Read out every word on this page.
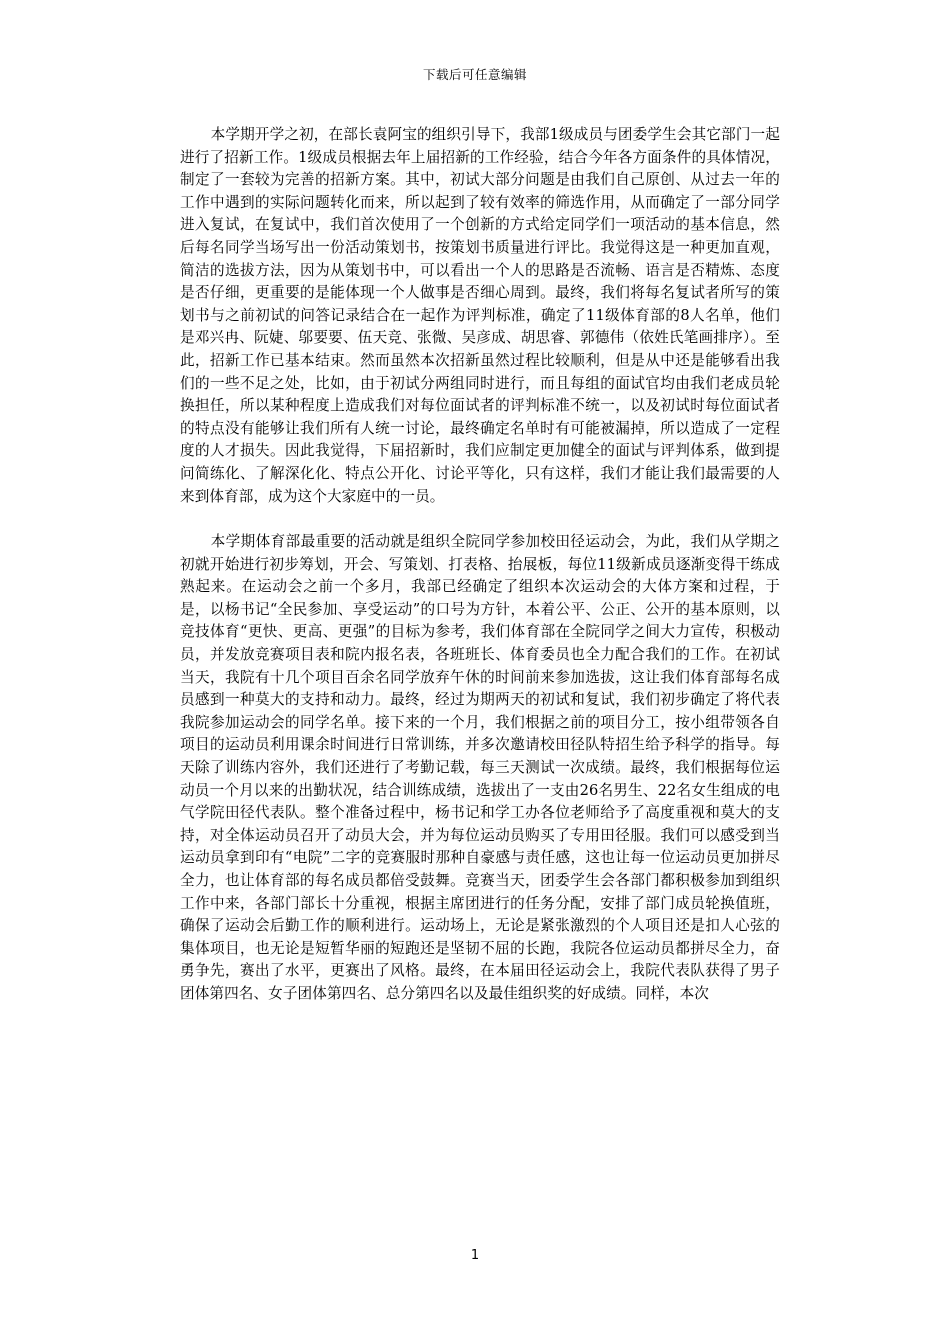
下载后可任意编辑

本学期开学之初，在部长袁阿宝的组织引导下，我部1级成员与团委学生会其它部门一起进行了招新工作。1级成员根据去年上届招新的工作经验，结合今年各方面条件的具体情况，制定了一套较为完善的招新方案。其中，初试大部分问题是由我们自己原创、从过去一年的工作中遇到的实际问题转化而来，所以起到了较有效率的筛选作用，从而确定了一部分同学进入复试，在复试中，我们首次使用了一个创新的方式给定同学们一项活动的基本信息，然后每名同学当场写出一份活动策划书，按策划书质量进行评比。我觉得这是一种更加直观，简洁的选拔方法，因为从策划书中，可以看出一个人的思路是否流畅、语言是否精炼、态度是否仔细，更重要的是能体现一个人做事是否细心周到。最终，我们将每名复试者所写的策划书与之前初试的问答记录结合在一起作为评判标准，确定了11级体育部的8人名单，他们是邓兴冉、阮婕、邬要要、伍天竞、张微、吴彦成、胡思睿、郭德伟（依姓氏笔画排序）。至此，招新工作已基本结束。然而虽然本次招新虽然过程比较顺利，但是从中还是能够看出我们的一些不足之处，比如，由于初试分两组同时进行，而且每组的面试官均由我们老成员轮换担任，所以某种程度上造成我们对每位面试者的评判标准不统一，以及初试时每位面试者的特点没有能够让我们所有人统一讨论，最终确定名单时有可能被漏掉，所以造成了一定程度的人才损失。因此我觉得，下届招新时，我们应制定更加健全的面试与评判体系，做到提问简练化、了解深化化、特点公开化、讨论平等化，只有这样，我们才能让我们最需要的人来到体育部，成为这个大家庭中的一员。

本学期体育部最重要的活动就是组织全院同学参加校田径运动会，为此，我们从学期之初就开始进行初步筹划，开会、写策划、打表格、抬展板，每位11级新成员逐渐变得干练成熟起来。在运动会之前一个多月，我部已经确定了组织本次运动会的大体方案和过程，于是，以杨书记“全民参加、享受运动”的口号为方针，本着公平、公正、公开的基本原则，以竞技体育“更快、更高、更强”的目标为参考，我们体育部在全院同学之间大力宣传，积极动员，并发放竞赛项目表和院内报名表，各班班长、体育委员也全力配合我们的工作。在初试当天，我院有十几个项目百余名同学放弃午休的时间前来参加选拔，这让我们体育部每名成员感到一种莫大的支持和动力。最终，经过为期两天的初试和复试，我们初步确定了将代表我院参加运动会的同学名单。接下来的一个月，我们根据之前的项目分工，按小组带领各自项目的运动员利用课余时间进行日常训练，并多次邀请校田径队特招生给予科学的指导。每天除了训练内容外，我们还进行了考勤记载，每三天测试一次成绩。最终，我们根据每位运动员一个月以来的出勤状况，结合训练成绩，选拔出了一支由26名男生、22名女生组成的电气学院田径代表队。整个准备过程中，杨书记和学工办各位老师给予了高度重视和莫大的支持，对全体运动员召开了动员大会，并为每位运动员购买了专用田径服。我们可以感受到当运动员拿到印有“电院”二字的竞赛服时那种自豪感与责任感，这也让每一位运动员更加拼尽全力，也让体育部的每名成员都倍受鼓舞。竞赛当天，团委学生会各部门都积极参加到组织工作中来，各部门部长十分重视，根据主席团进行的任务分配，安排了部门成员轮换值班，确保了运动会后勤工作的顺利进行。运动场上，无论是紧张激烈的个人项目还是扣人心弦的集体项目，也无论是短暂华丽的短跑还是坚韧不屈的长跑，我院各位运动员都拼尽全力，奋勇争先，赛出了水平，更赛出了风格。最终，在本届田径运动会上，我院代表队获得了男子团体第四名、女子团体第四名、总分第四名以及最佳组织奖的好成绩。同样，本次

1
